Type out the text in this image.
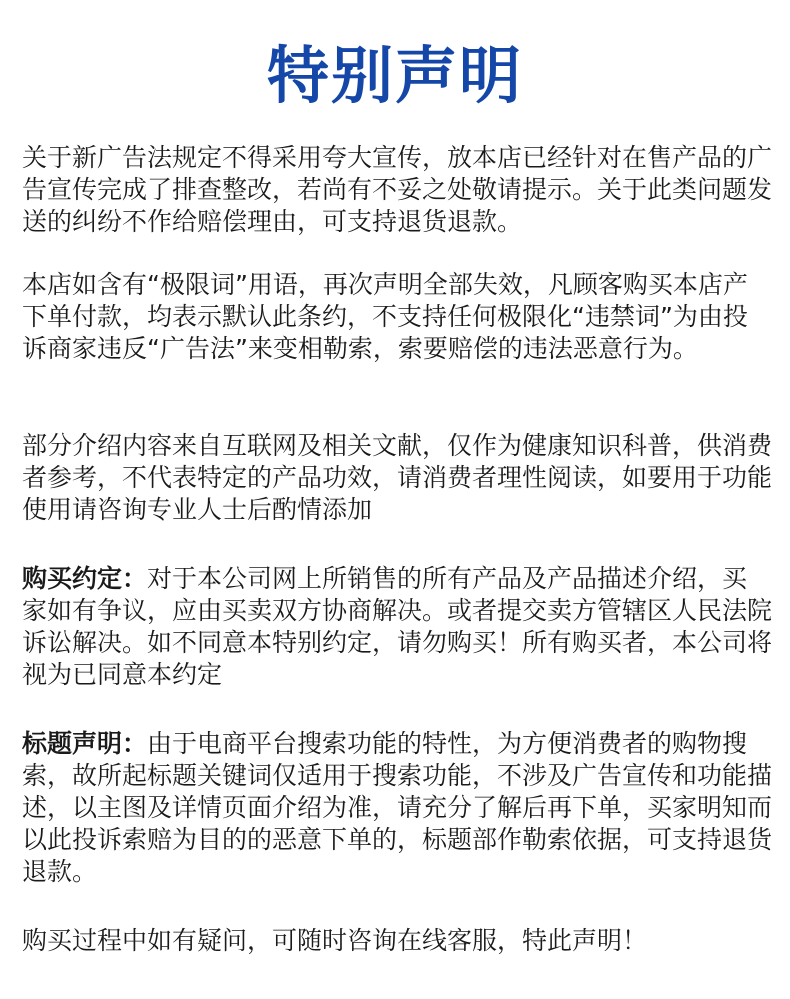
特别声明

关于新广告法规定不得采用夸大宣传，放本店已经针对在售产品的广告宣传完成了排查整改，若尚有不妥之处敬请提示。关于此类问题发送的纠纷不作给赔偿理由，可支持退货退款。

本店如含有“极限词”用语，再次声明全部失效，凡顾客购买本店产下单付款，均表示默认此条约，不支持任何极限化“违禁词”为由投诉商家违反“广告法”来变相勒索，索要赔偿的违法恶意行为。

部分介绍内容来自互联网及相关文献，仅作为健康知识科普，供消费者参考，不代表特定的产品功效，请消费者理性阅读，如要用于功能使用请咨询专业人士后酌情添加

购买约定：对于本公司网上所销售的所有产品及产品描述介绍，买家如有争议，应由买卖双方协商解决。或者提交卖方管辖区人民法院诉讼解决。如不同意本特别约定，请勿购买！所有购买者，本公司将视为已同意本约定

标题声明：由于电商平台搜索功能的特性，为方便消费者的购物搜索，故所起标题关键词仅适用于搜索功能，不涉及广告宣传和功能描述，以主图及详情页面介绍为准，请充分了解后再下单，买家明知而以此投诉索赔为目的的恶意下单的，标题部作勒索依据，可支持退货退款。

购买过程中如有疑问，可随时咨询在线客服，特此声明！
